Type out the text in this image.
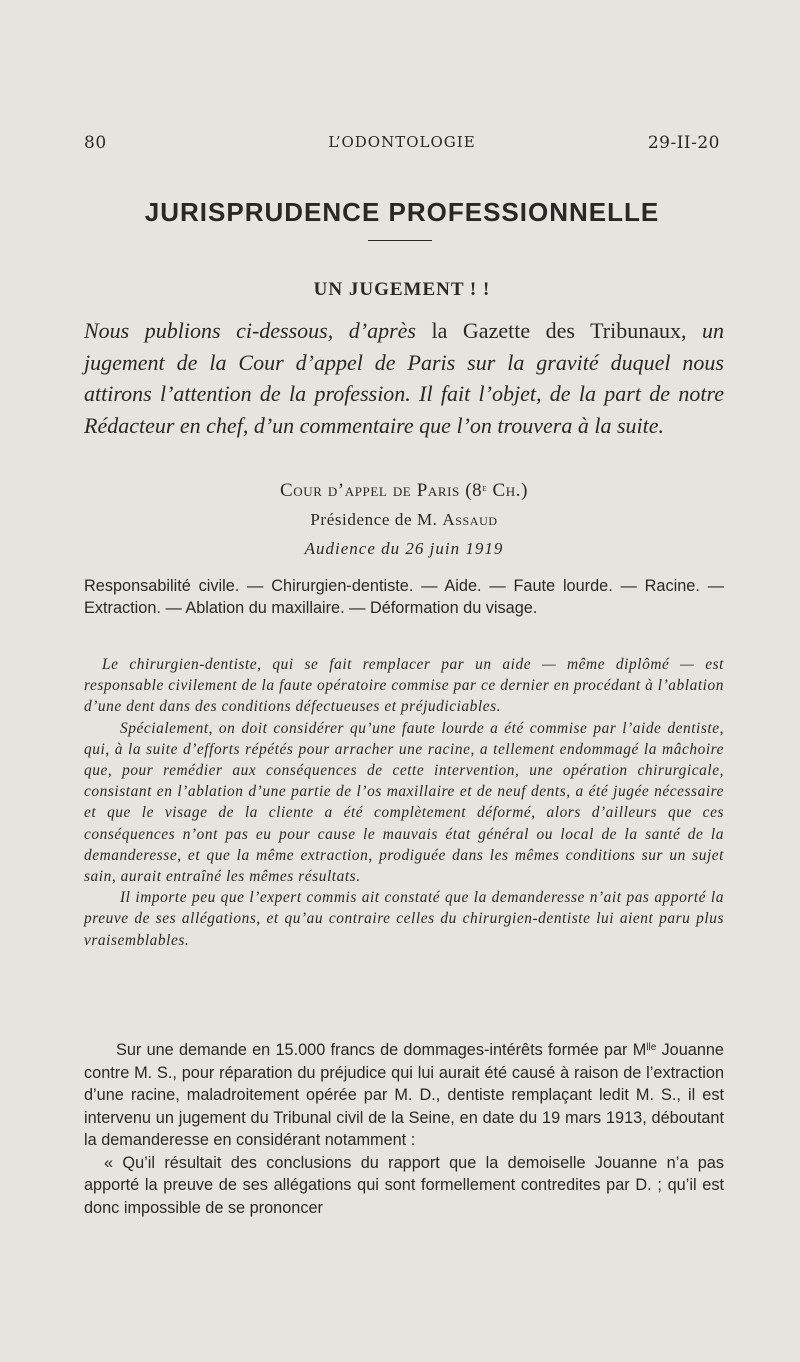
80	L’ODONTOLOGIE	29-II-20
JURISPRUDENCE PROFESSIONNELLE
UN JUGEMENT ! !
Nous publions ci-dessous, d’après la Gazette des Tribunaux, un jugement de la Cour d’appel de Paris sur la gravité duquel nous attirons l’attention de la profession. Il fait l’objet, de la part de notre Rédacteur en chef, d’un commentaire que l’on trouvera à la suite.
Cour d’appel de Paris (8e Ch.)
Présidence de M. Assaud
Audience du 26 juin 1919
Responsabilité civile. — Chirurgien-dentiste. — Aide. — Faute lourde. — Racine. — Extraction. — Ablation du maxillaire. — Déformation du visage.

Le chirurgien-dentiste, qui se fait remplacer par un aide — même diplômé — est responsable civilement de la faute opératoire commise par ce dernier en procédant à l’ablation d’une dent dans des conditions défectueuses et préjudiciables.

Spécialement, on doit considérer qu’une faute lourde a été commise par l’aide dentiste, qui, à la suite d’efforts répétés pour arracher une racine, a tellement endommagé la mâchoire que, pour remédier aux conséquences de cette intervention, une opération chirurgicale, consistant en l’ablation d’une partie de l’os maxillaire et de neuf dents, a été jugée nécessaire et que le visage de la cliente a été complètement déformé, alors d’ailleurs que ces conséquences n’ont pas eu pour cause le mauvais état général ou local de la santé de la demanderesse, et que la même extraction, prodiguée dans les mêmes conditions sur un sujet sain, aurait entraîné les mêmes résultats.

Il importe peu que l’expert commis ait constaté que la demanderesse n’ait pas apporté la preuve de ses allégations, et qu’au contraire celles du chirurgien-dentiste lui aient paru plus vraisemblables.

Sur une demande en 15.000 francs de dommages-intérêts formée par $M^{lle}$ Jouanne contre M. S., pour réparation du préjudice qui lui aurait été causé à raison de l’extraction d’une racine, maladroitement opérée par M. D., dentiste remplaçant ledit M. S., il est intervenu un jugement du Tribunal civil de la Seine, en date du 19 mars 1913, déboutant la demanderesse en considérant notamment :

« Qu’il résultait des conclusions du rapport que la demoiselle Jouanne n’a pas apporté la preuve de ses allégations qui sont formellement contredites par D. ; qu’il est donc impossible de se prononcer
